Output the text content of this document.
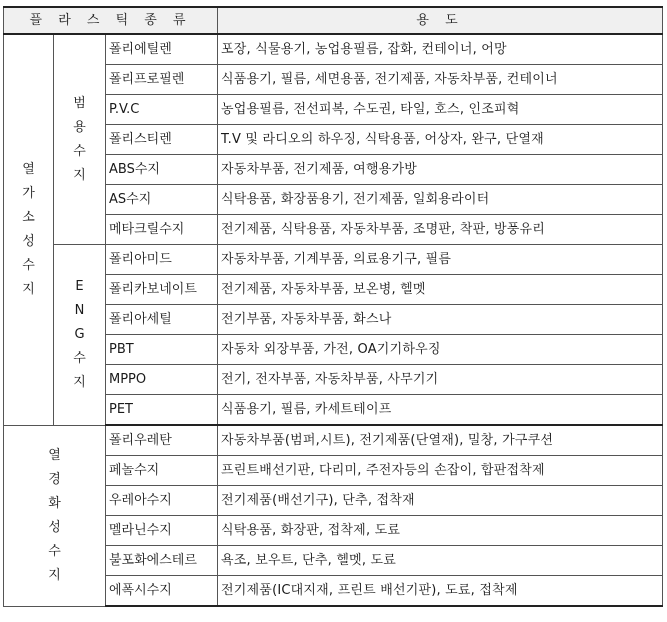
플 라 스 틱 종 류			용 도
열가소성수지	범용수지	폴리에틸렌	포장, 식물용기, 농업용필름, 잡화, 컨테이너, 어망
		폴리프로필렌	식품용기, 필름, 세면용품, 전기제품, 자동차부품, 컨테이너
		P.V.C	농업용필름, 전선피복, 수도권, 타일, 호스, 인조피혁
		폴리스티렌	T.V 및 라디오의 하우징, 식탁용품, 어상자, 완구, 단열재
		ABS수지	자동차부품, 전기제품, 여행용가방
		AS수지	식탁용품, 화장품용기, 전기제품, 일회용라이터
		메타크릴수지	전기제품, 식탁용품, 자동차부품, 조명판, 착판, 방풍유리
	ENG수지	폴리아미드	자동차부품, 기계부품, 의료용기구, 필름
		폴리카보네이트	전기제품, 자동차부품, 보온병, 헬멧
		폴리아세틸	전기부품, 자동차부품, 화스나
		PBT	자동차 외장부품, 가전, OA기기하우징
		MPPO	전기, 전자부품, 자동차부품, 사무기기
		PET	식품용기, 필름, 카세트테이프
열경화성수지		폴리우레탄	자동차부품(범퍼,시트), 전기제품(단열재), 밀창, 가구쿠션
		페놀수지	프린트배선기판, 다리미, 주전자등의 손잡이, 합판접착제
		우레아수지	전기제품(배선기구), 단추, 접착재
		멜라닌수지	식탁용품, 화장판, 접착제, 도료
		불포화에스테르	욕조, 보우트, 단추, 헬멧, 도료
		에폭시수지	전기제품(IC대지재, 프린트 배선기판), 도료, 접착제
